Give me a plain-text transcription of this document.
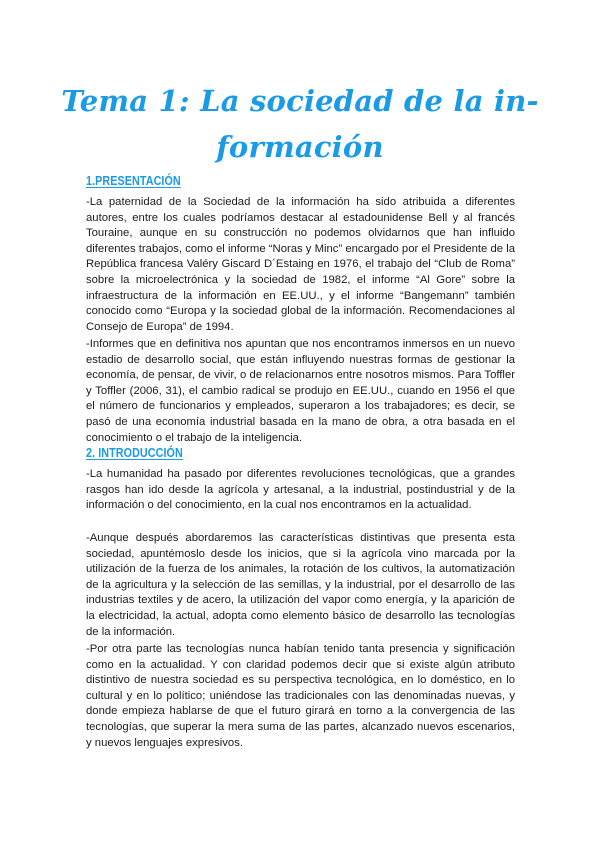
Tema 1: La sociedad de la in-formación
1.PRESENTACIÓN

-La paternidad de la Sociedad de la información ha sido atribuida a diferentes autores, entre los cuales podríamos destacar al estadounidense Bell y al francés Touraine, aunque en su construcción no podemos olvidarnos que han influido diferentes trabajos, como el informe “Noras y Minc” encargado por el Presidente de la República francesa Valéry Giscard D´Estaing en 1976, el trabajo del “Club de Roma” sobre la microelectrónica y la sociedad de 1982, el informe “Al Gore” sobre la infraestructura de la información en EE.UU., y el informe “Bangemann” también conocido como “Europa y la sociedad global de la información. Recomendaciones al Consejo de Europa” de 1994.

-Informes que en definitiva nos apuntan que nos encontramos inmersos en un nuevo estadio de desarrollo social, que están influyendo nuestras formas de gestionar la economía, de pensar, de vivir, o de relacionarnos entre nosotros mismos. Para Toffler y Toffler (2006, 31), el cambio radical se produjo en EE.UU., cuando en 1956 el que el número de funcionarios y empleados, superaron a los trabajadores; es decir, se pasó de una economía industrial basada en la mano de obra, a otra basada en el conocimiento o el trabajo de la inteligencia.

2. INTRODUCCIÓN

-La humanidad ha pasado por diferentes revoluciones tecnológicas, que a grandes rasgos han ido desde la agrícola y artesanal, a la industrial, postindustrial y de la información o del conocimiento, en la cual nos encontramos en la actualidad.

-Aunque después abordaremos las características distintivas que presenta esta sociedad, apuntémoslo desde los inicios, que si la agrícola vino marcada por la utilización de la fuerza de los animales, la rotación de los cultivos, la automatización de la agricultura y la selección de las semillas, y la industrial, por el desarrollo de las industrias textiles y de acero, la utilización del vapor como energía, y la aparición de la electricidad, la actual, adopta como elemento básico de desarrollo las tecnologías de la información.

-Por otra parte las tecnologías nunca habían tenido tanta presencia y significación como en la actualidad. Y con claridad podemos decir que si existe algún atributo distintivo de nuestra sociedad es su perspectiva tecnológica, en lo doméstico, en lo cultural y en lo político; uniéndose las tradicionales con las denominadas nuevas, y donde empieza hablarse de que el futuro girará en torno a la convergencia de las tecnologías, que superar la mera suma de las partes, alcanzado nuevos escenarios, y nuevos lenguajes expresivos.
